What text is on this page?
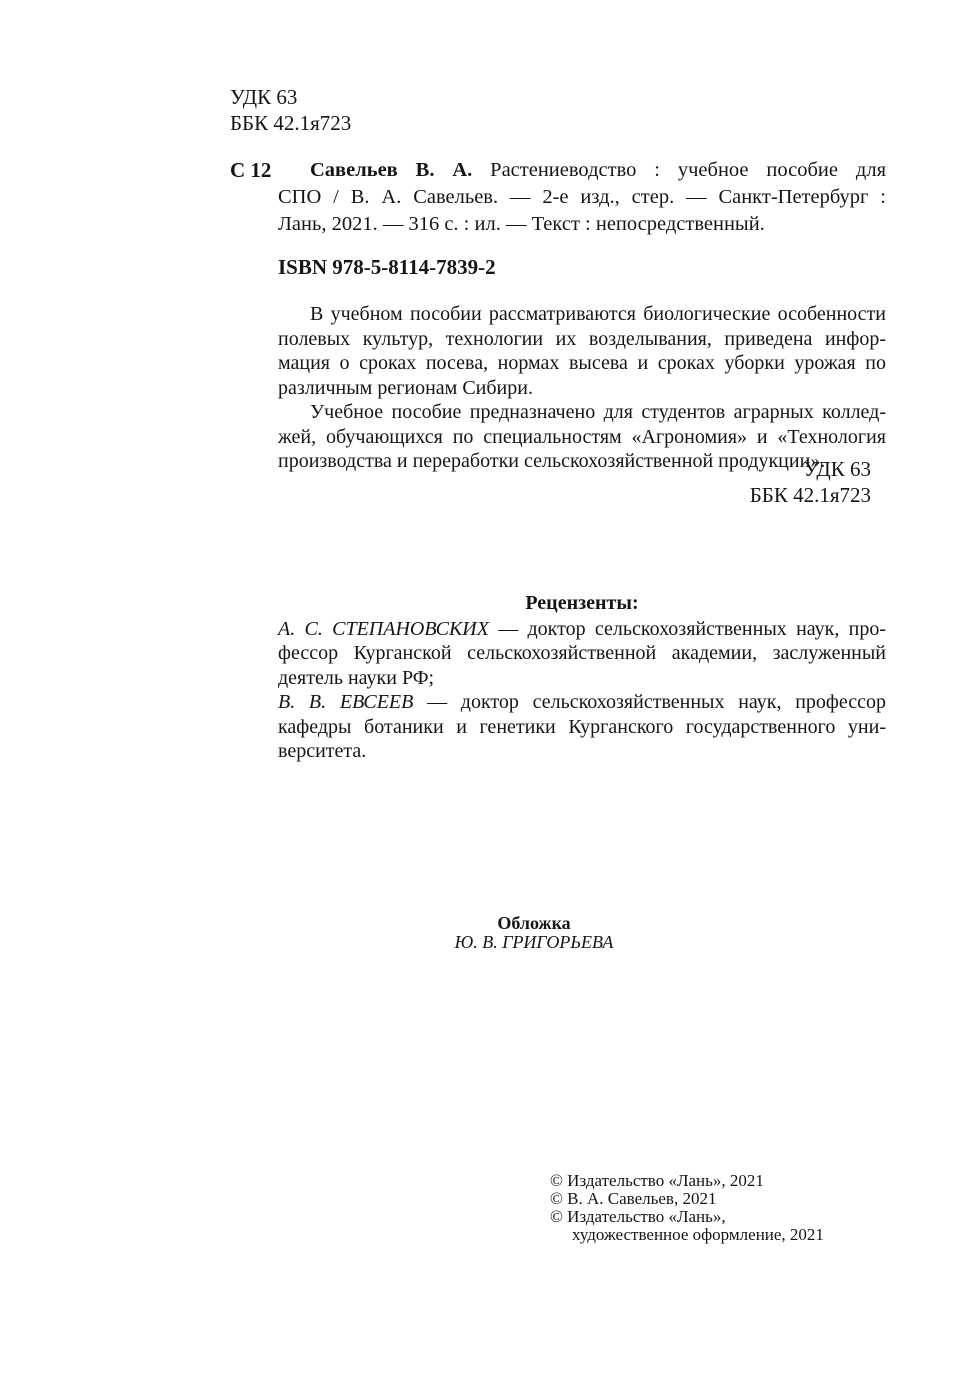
УДК 63
ББК 42.1я723
С 12	Савельев В. А. Растениеводство : учебное пособие для
СПО / В. А. Савельев. — 2-е изд., стер. — Санкт-Петербург :
Лань, 2021. — 316 с. : ил. — Текст : непосредственный.
ISBN 978-5-8114-7839-2
В учебном пособии рассматриваются биологические особенности
полевых культур, технологии их возделывания, приведена инфор-
мация о сроках посева, нормах высева и сроках уборки урожая по
различным регионам Сибири.
Учебное пособие предназначено для студентов аграрных коллед-
жей, обучающихся по специальностям «Агрономия» и «Технология
производства и переработки сельскохозяйственной продукции».
УДК 63
ББК 42.1я723
Рецензенты:
А. С. СТЕПАНОВСКИХ — доктор сельскохозяйственных наук, про-
фессор Курганской сельскохозяйственной академии, заслуженный
деятель науки РФ;
В. В. ЕВСЕЕВ — доктор сельскохозяйственных наук, профессор
кафедры ботаники и генетики Курганского государственного уни-
верситета.
Обложка
Ю. В. ГРИГОРЬЕВА
© Издательство «Лань», 2021
© В. А. Савельев, 2021
© Издательство «Лань»,
художественное оформление, 2021
